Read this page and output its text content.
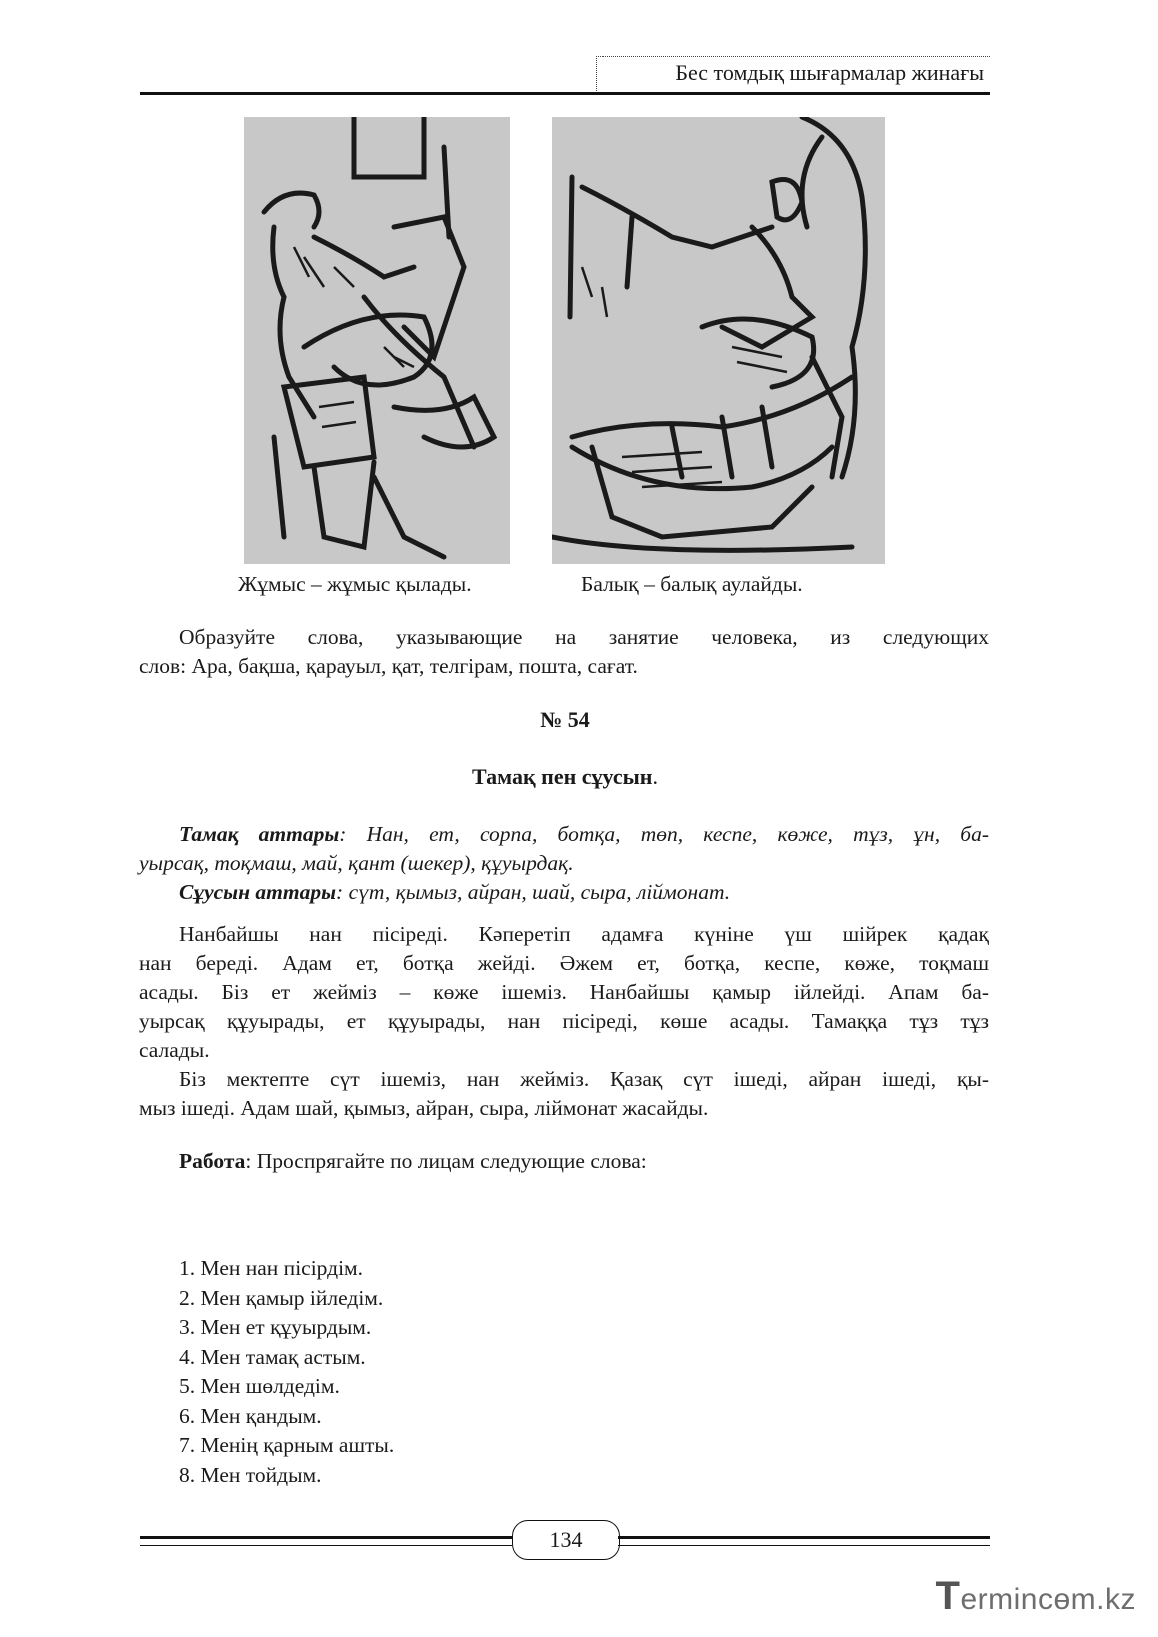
Бес томдық шығармалар жинағы
Жұмыс – жұмыс қылады.	Балық – балық аулайды.
Образуйте слова, указывающие на занятие человека, из следующих
слов: Ара, бақша, қарауыл, қат, телгірам, пошта, сағат.
№ 54
Тамақ пен сұусын.
Тамақ аттары: Нан, ет, сорпа, ботқа, төп, кеспе, көже, тұз, ұн, ба-
уырсақ, тоқмаш, май, қант (шекер), құуырдақ.
Сұусын аттары: сүт, қымыз, айран, шай, сыра, ліймонат.
Нанбайшы нан пісіреді. Кәперетіп адамға күніне үш шійрек қадақ
нан береді. Адам ет, ботқа жейді. Әжем ет, ботқа, кеспе, көже, тоқмаш
асады. Біз ет жейміз – көже ішеміз. Нанбайшы қамыр ійлейді. Апам ба-
уырсақ құуырады, ет құуырады, нан пісіреді, көше асады. Тамаққа тұз тұз
салады.
Біз мектепте сүт ішеміз, нан жейміз. Қазақ сүт ішеді, айран ішеді, қы-
мыз ішеді. Адам шай, қымыз, айран, сыра, ліймонат жасайды.
Работа: Проспрягайте по лицам следующие слова:
1. Мен нан пісірдім.
2. Мен қамыр ійледім.
3. Мен ет құуырдым.
4. Мен тамақ астым.
5. Мен шөлдедім.
6. Мен қандым.
7. Менің қарным ашты.
8. Мен тойдым.
134
Termincөm.kz
